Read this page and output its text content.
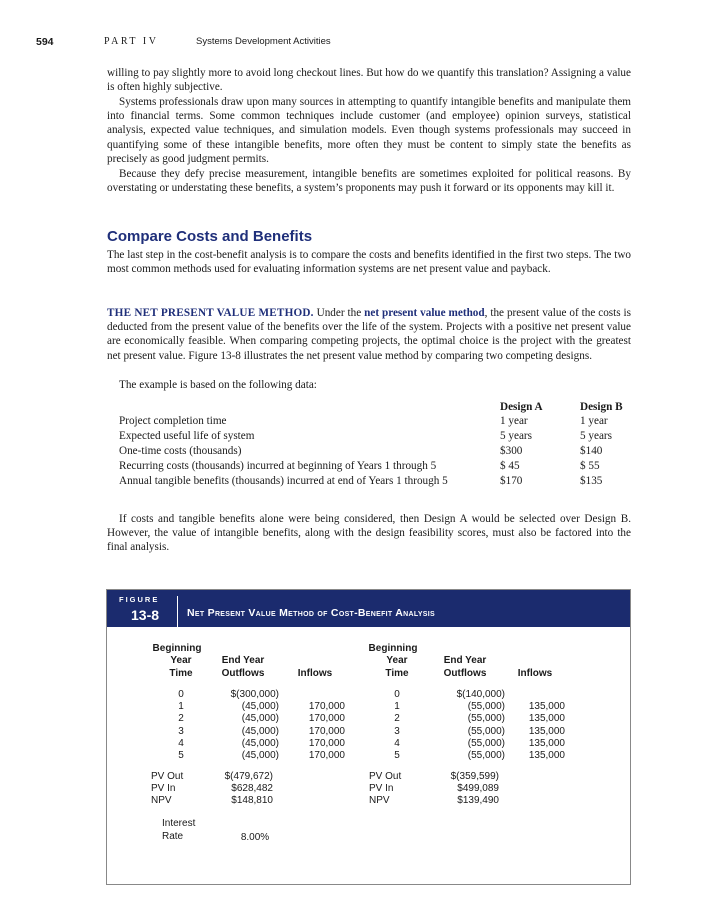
594	PART IV	Systems Development Activities

willing to pay slightly more to avoid long checkout lines. But how do we quantify this translation? Assigning a value is often highly subjective.

Systems professionals draw upon many sources in attempting to quantify intangible benefits and manipulate them into financial terms. Some common techniques include customer (and employee) opinion surveys, statistical analysis, expected value techniques, and simulation models. Even though systems professionals may succeed in quantifying some of these intangible benefits, more often they must be content to simply state the benefits as precisely as good judgment permits.

Because they defy precise measurement, intangible benefits are sometimes exploited for political reasons. By overstating or understating these benefits, a system’s proponents may push it forward or its opponents may kill it.

Compare Costs and Benefits

The last step in the cost-benefit analysis is to compare the costs and benefits identified in the first two steps. The two most common methods used for evaluating information systems are net present value and payback.

THE NET PRESENT VALUE METHOD. Under the net present value method, the present value of the costs is deducted from the present value of the benefits over the life of the system. Projects with a positive net present value are economically feasible. When comparing competing projects, the optimal choice is the project with the greatest net present value. Figure 13-8 illustrates the net present value method by comparing two competing designs.

The example is based on the following data:

	Design A	Design B
Project completion time	1 year	1 year
Expected useful life of system	5 years	5 years
One-time costs (thousands)	$300	$140
Recurring costs (thousands) incurred at beginning of Years 1 through 5	$ 45	$ 55
Annual tangible benefits (thousands) incurred at end of Years 1 through 5	$170	$135

If costs and tangible benefits alone were being considered, then Design A would be selected over Design B. However, the value of intangible benefits, along with the design feasibility scores, must also be factored into the final analysis.

FIGURE
13-8	Net Present Value Method of Cost-Benefit Analysis
Beginning
Year
Time
End Year
Outflows	Inflows
0	$(300,000)
1	(45,000)	170,000
2	(45,000)	170,000
3	(45,000)	170,000
4	(45,000)	170,000
5	(45,000)	170,000
PV Out	$(479,672)
PV In	$628,482
NPV	$148,810
Beginning
Year
Time
End Year
Outflows	Inflows
0	$(140,000)
1	(55,000)	135,000
2	(55,000)	135,000
3	(55,000)	135,000
4	(55,000)	135,000
5	(55,000)	135,000
PV Out	$(359,599)
PV In	$499,089
NPV	$139,490
Interest
Rate	8.00%
